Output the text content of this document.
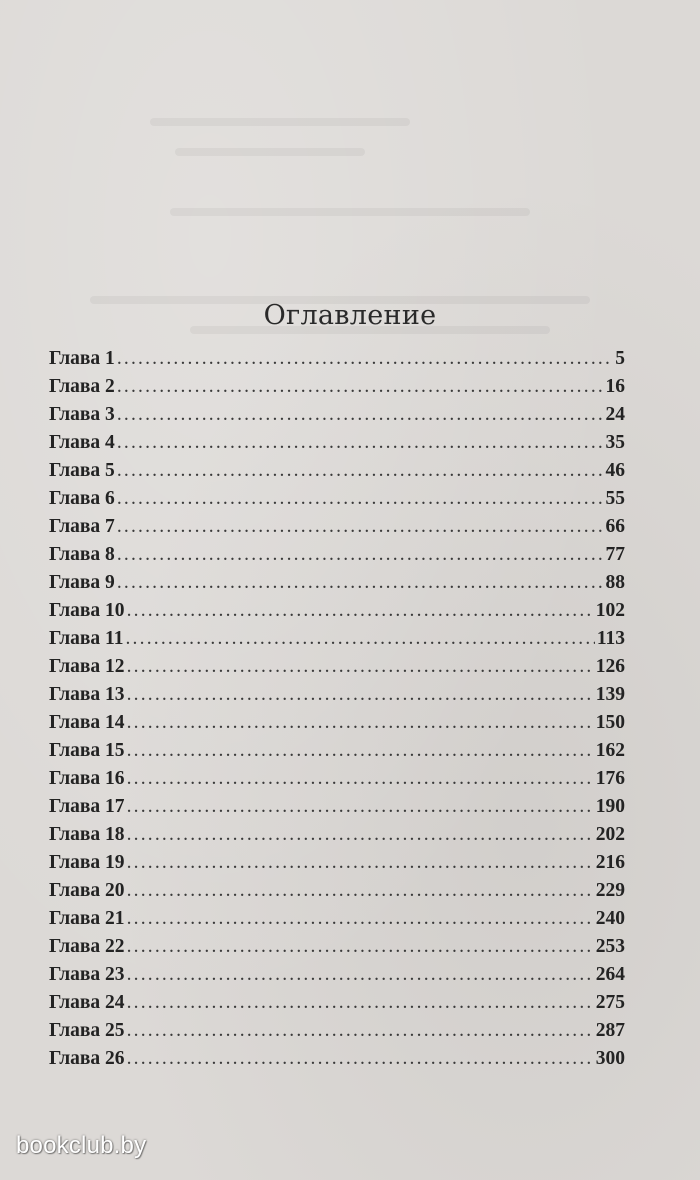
Оглавление
Глава 1 .....	5
Глава 2 .....	16
Глава 3 .....	24
Глава 4 .....	35
Глава 5 .....	46
Глава 6 .....	55
Глава 7 .....	66
Глава 8 .....	77
Глава 9 .....	88
Глава 10 .....	102
Глава 11 .....	113
Глава 12 .....	126
Глава 13 .....	139
Глава 14 .....	150
Глава 15 .....	162
Глава 16 .....	176
Глава 17 .....	190
Глава 18 .....	202
Глава 19 .....	216
Глава 20 .....	229
Глава 21 .....	240
Глава 22 .....	253
Глава 23 .....	264
Глава 24 .....	275
Глава 25 .....	287
Глава 26 .....	300
bookclub.by
